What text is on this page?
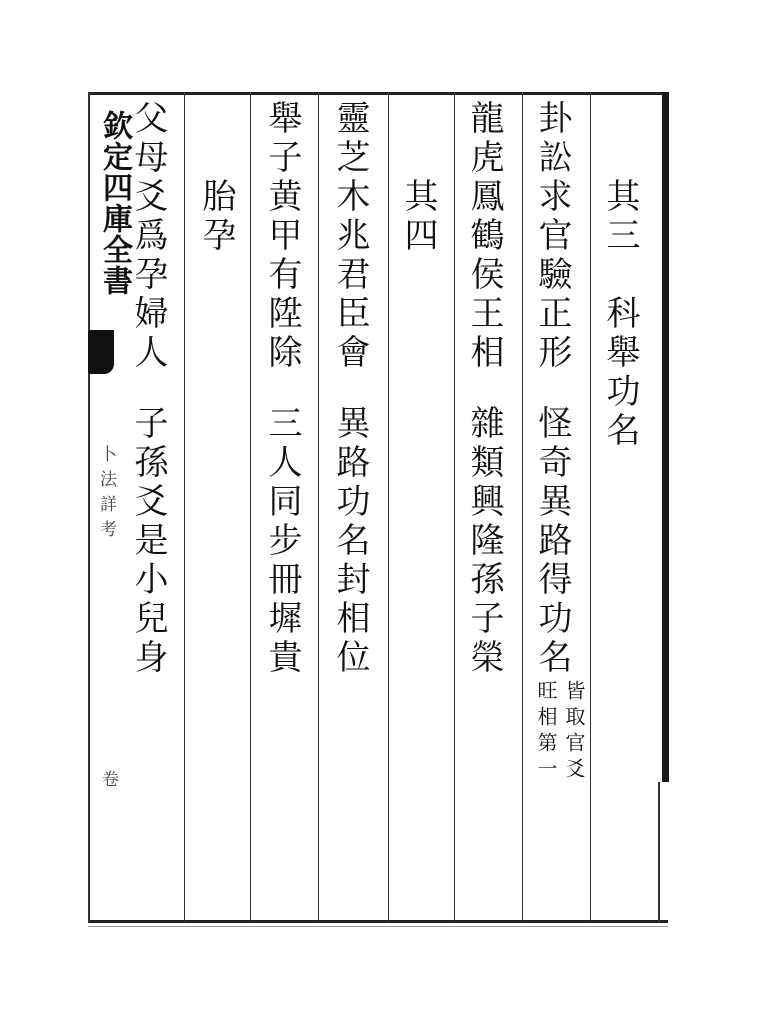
欽定四庫全書
卜法詳考
卷
其三　科舉功名
卦訟求官驗正形
怪奇異路得功名
皆取官爻
旺相第一
龍虎鳳鶴侯王相
雜類興隆孫子榮
其四
靈芝木兆君臣會
異路功名封相位
舉子黄甲有陞除
三人同步冊墀貴
胎孕
父母爻爲孕婦人
子孫爻是小兒身
